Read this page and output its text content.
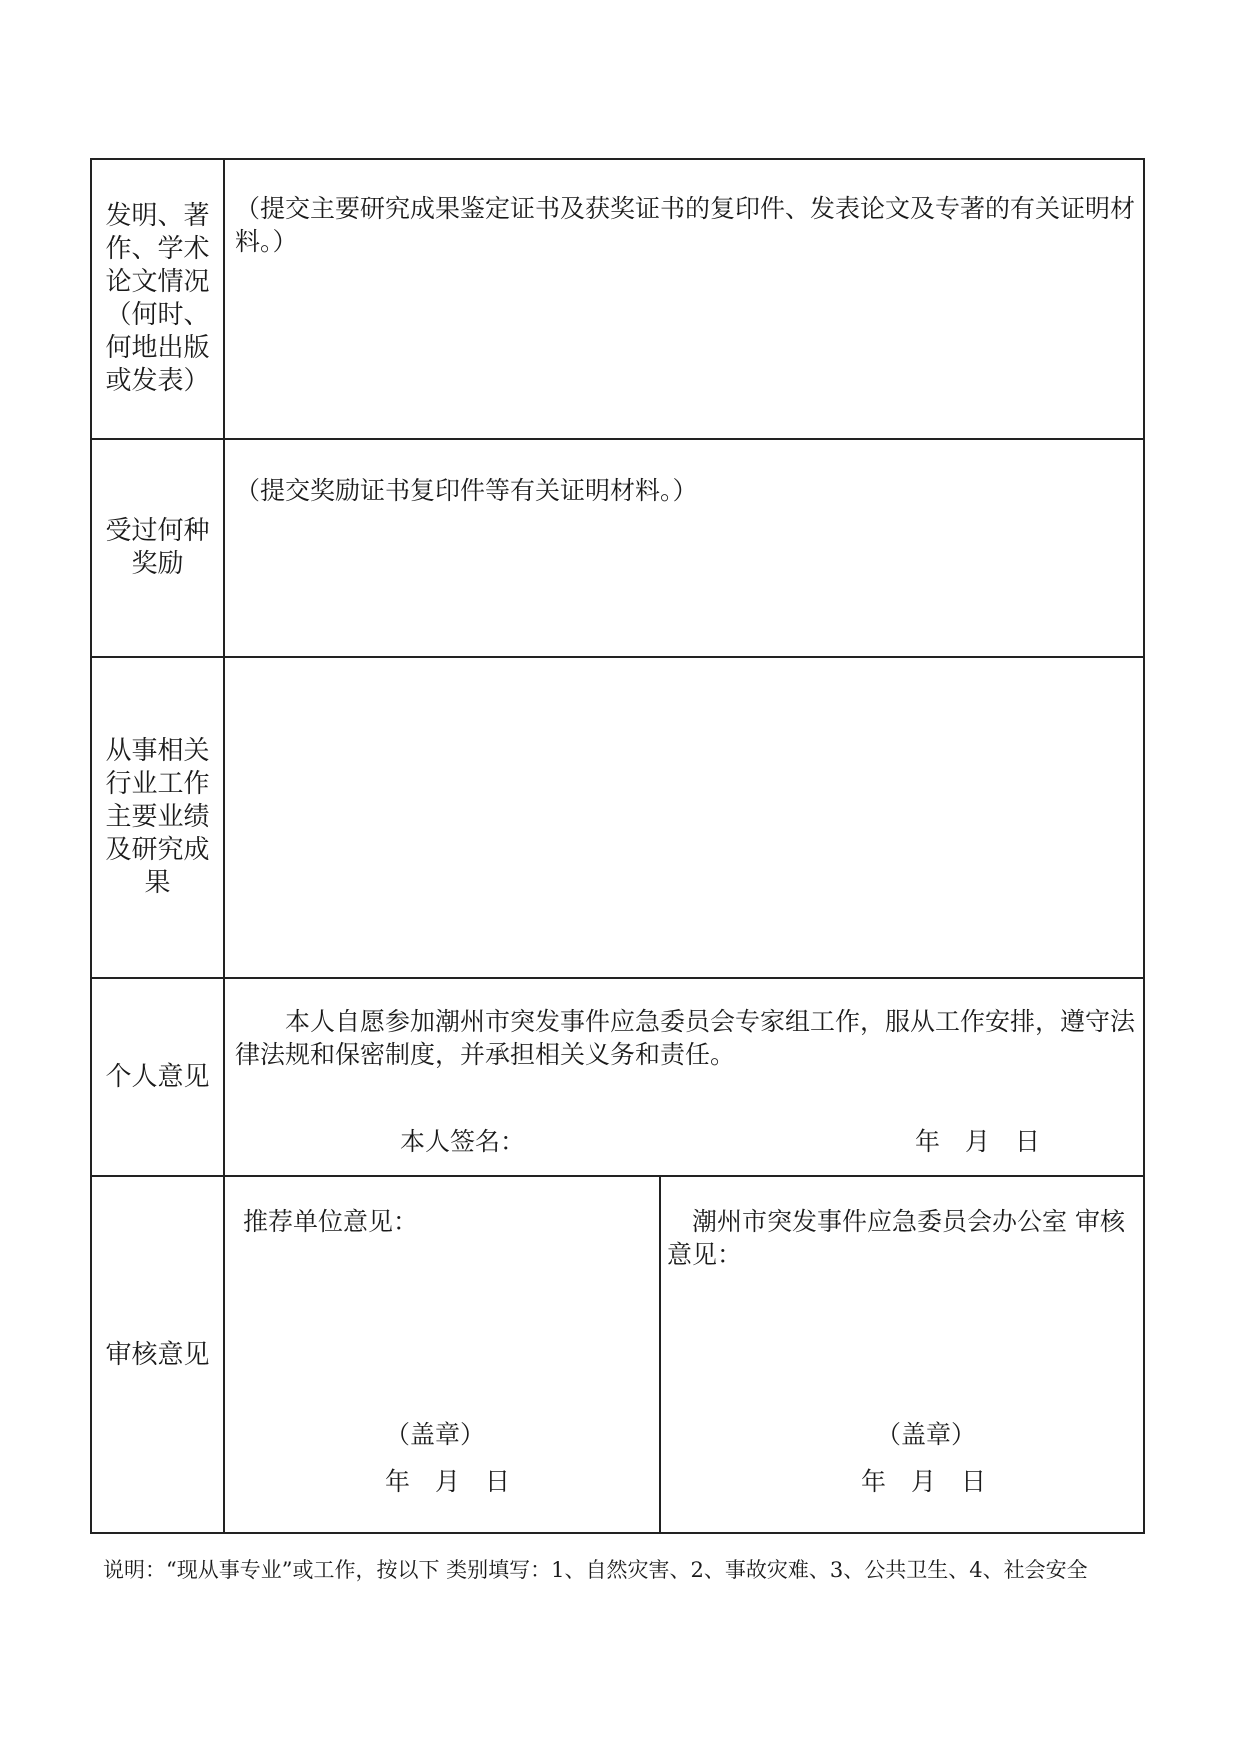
发明、著作、学术论文情况（何时、何地出版或发表）
（提交主要研究成果鉴定证书及获奖证书的复印件、发表论文及专著的有关证明材料。）
受过何种奖励
（提交奖励证书复印件等有关证明材料。）
从事相关行业工作主要业绩及研究成果
个人意见
本人自愿参加潮州市突发事件应急委员会专家组工作，服从工作安排，遵守法律法规和保密制度，并承担相关义务和责任。
本人签名：	年　月　日
审核意见
推荐单位意见：
（盖章）
年　月　日
潮州市突发事件应急委员会办公室 审核意见：
（盖章）
年　月　日
说明：“现从事专业”或工作，按以下 类别填写：1、自然灾害、2、事故灾难、3、公共卫生、4、社会安全
